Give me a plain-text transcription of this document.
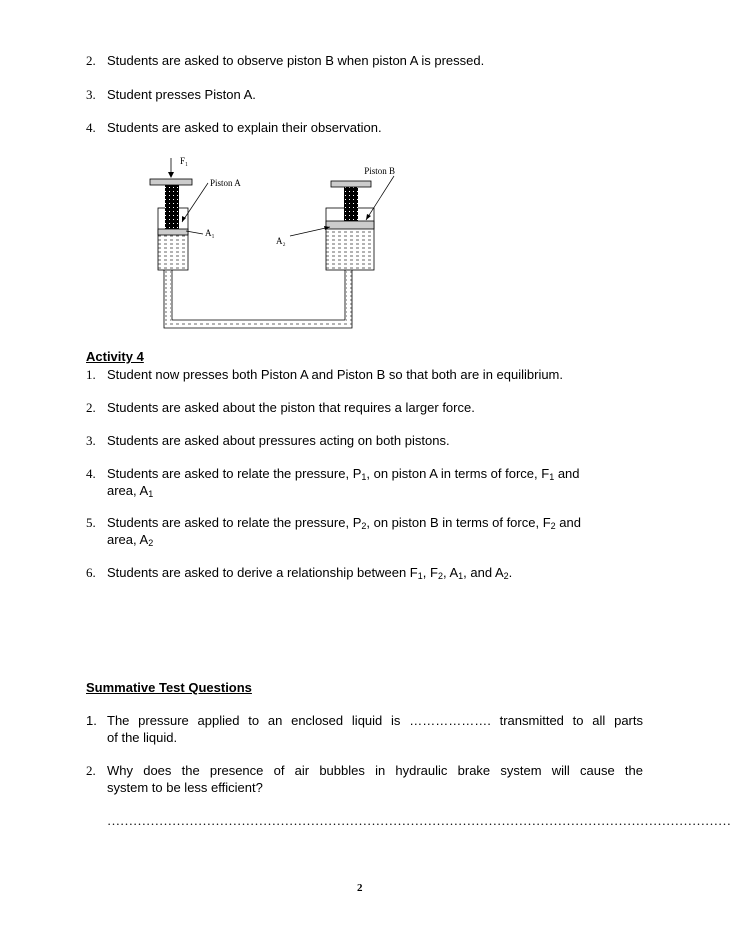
2. Students are asked to observe piston B when piston A is pressed.
3. Student presses Piston A.
4. Students are asked to explain their observation.
F₁
Piston A
A₁
Piston B
A₂
Activity 4
1. Student now presses both Piston A and Piston B so that both are in equilibrium.
2. Students are asked about the piston that requires a larger force.
3. Students are asked about pressures acting on both pistons.
4. Students are asked to relate the pressure, $P_1$, on piston A in terms of force, $F_1$ and
area, $A_1$
5. Students are asked to relate the pressure, $P_2$, on piston B in terms of force, $F_2$ and
area, $A_2$
6. Students are asked to derive a relationship between $F_1$, $F_2$, $A_1$, and $A_2$.
Summative Test Questions
1. The pressure applied to an enclosed liquid is ………………. transmitted to all parts
of the liquid.
2. Why does the presence of air bubbles in hydraulic brake system will cause the
system to be less efficient?
………………………………………………………………………………………………………………………………
2
